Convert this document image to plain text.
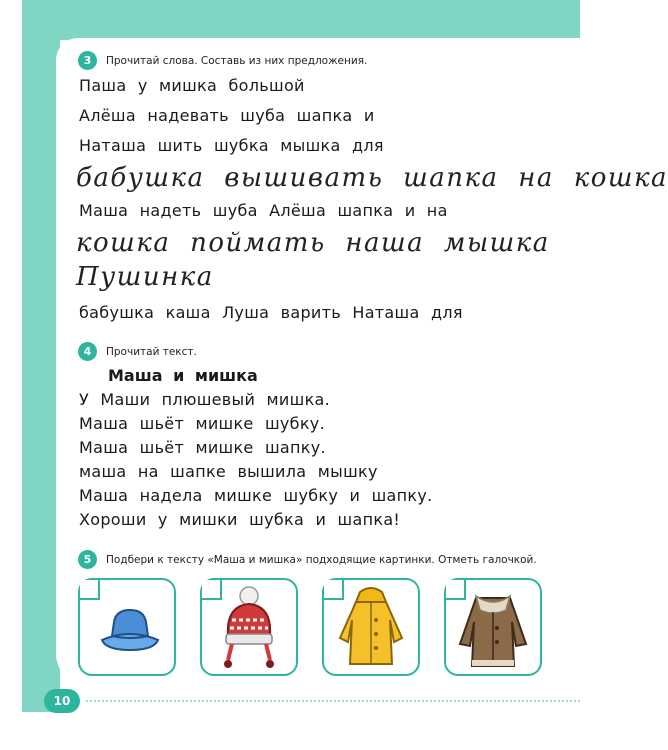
3	Прочитай слова. Составь из них предложения.
Паша у мишка большой
Алёша надевать шуба шапка и
Наташа шить шубка мышка для
бабушка вышивать шапка на кошка
Маша надеть шуба Алёша шапка и на
кошка поймать наша мышка
Пушинка
бабушка каша Луша варить Наташа для
4	Прочитай текст.
Маша и мишка
У Маши плюшевый мишка.
Маша шьёт мишке шубку.
Маша шьёт мишке шапку.
маша на шапке вышила мышку
Маша надела мишке шубку и шапку.
Хороши у мишки шубка и шапка!
5	Подбери к тексту «Маша и мишка» подходящие картинки. Отметь галочкой.
10
